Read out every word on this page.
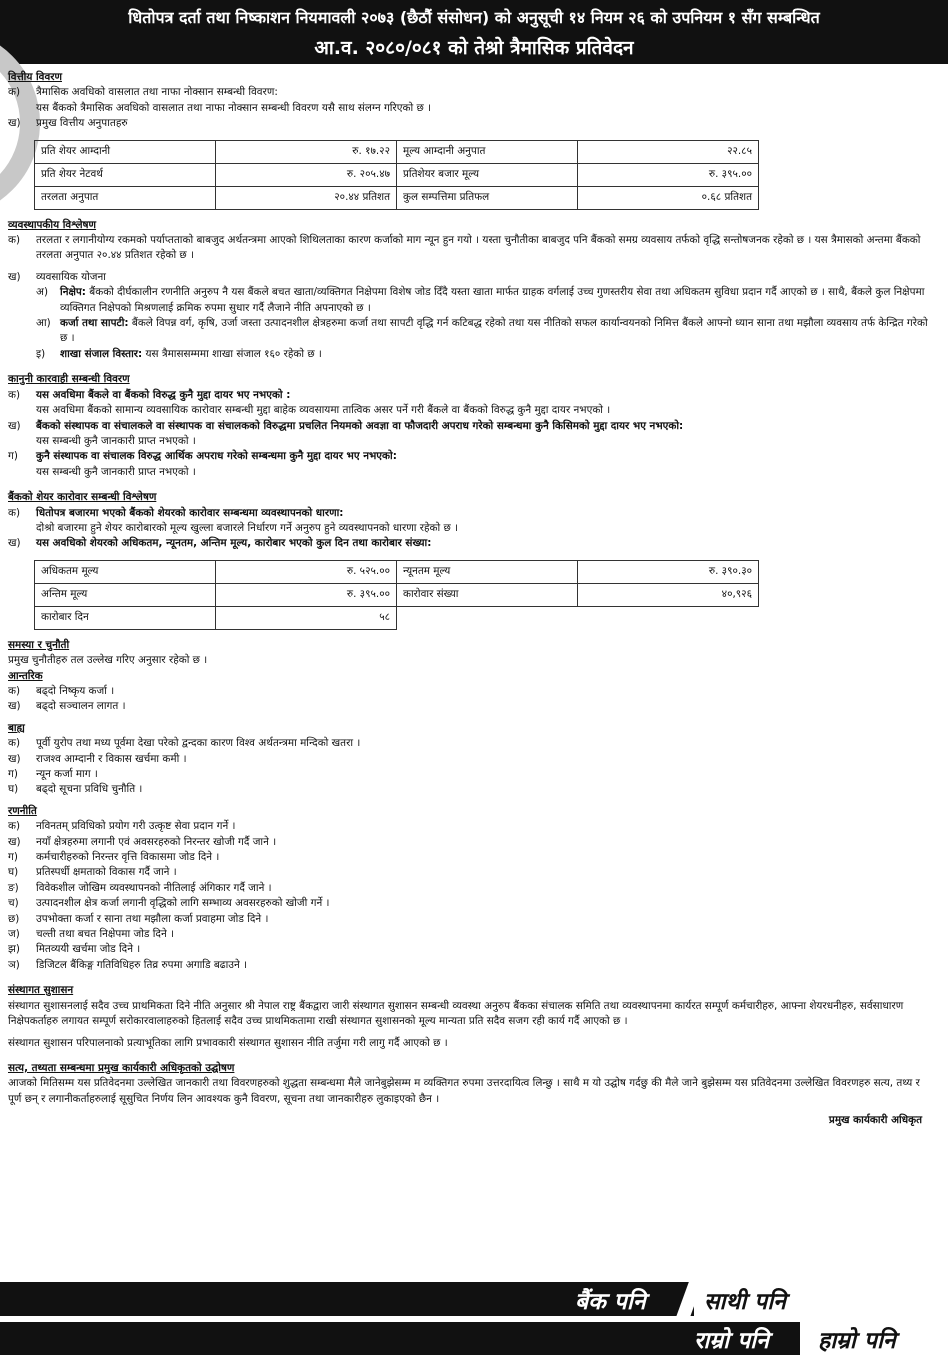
धितोपत्र दर्ता तथा निष्काशन नियमावली २०७३ (छैठौं संसोधन) को अनुसूची १४ नियम २६ को उपनियम १ सँग सम्बन्धित
आ.व. २०८०/०८१ को तेश्रो त्रैमासिक प्रतिवेदन
वित्तीय विवरण
क)	त्रैमासिक अवधिको वासलात तथा नाफा नोक्सान सम्बन्धी विवरण:
यस बैंकको त्रैमासिक अवधिको वासलात तथा नाफा नोक्सान सम्बन्धी विवरण यसै साथ संलग्न गरिएको छ ।
ख)	प्रमुख वित्तीय अनुपातहरु
प्रति शेयर आम्दानी	रु. १७.२२	मूल्य आम्दानी अनुपात	२२.८५
प्रति शेयर नेटवर्थ	रु. २०५.४७	प्रतिशेयर बजार मूल्य	रु. ३९५.००
तरलता अनुपात	२०.४४ प्रतिशत	कुल सम्पत्तिमा प्रतिफल	०.६८ प्रतिशत
व्यवस्थापकीय विश्लेषण
क)	तरलता र लगानीयोग्य रकमको पर्याप्तताको बाबजुद अर्थतन्त्रमा आएको शिथिलताका कारण कर्जाको माग न्यून हुन गयो । यस्ता चुनौतीका बाबजुद पनि बैंकको समग्र व्यवसाय तर्फको वृद्धि सन्तोषजनक रहेको छ । यस त्रैमासको अन्तमा बैंकको तरलता अनुपात २०.४४ प्रतिशत रहेको छ ।
ख)	व्यवसायिक योजना
अ)	निक्षेप: बैंकको दीर्घकालीन रणनीति अनुरुप नै यस बैंकले बचत खाता/व्यक्तिगत निक्षेपमा विशेष जोड दिँदै यस्ता खाता मार्फत ग्राहक वर्गलाई उच्च गुणस्तरीय सेवा तथा अधिकतम सुविधा प्रदान गर्दै आएको छ । साथै, बैंकले कुल निक्षेपमा व्यक्तिगत निक्षेपको मिश्रणलाई क्रमिक रुपमा सुधार गर्दै लैजाने नीति अपनाएको छ ।
आ) कर्जा तथा सापटी: बैंकले विपन्न वर्ग, कृषि, उर्जा जस्ता उत्पादनशील क्षेत्रहरुमा कर्जा तथा सापटी वृद्धि गर्न कटिबद्ध रहेको तथा यस नीतिको सफल कार्यान्वयनको निमित्त बैंकले आफ्नो ध्यान साना तथा मझौला व्यवसाय तर्फ केन्द्रित गरेको छ ।
इ)	शाखा संजाल विस्तार: यस त्रैमाससम्ममा शाखा संजाल १६० रहेको छ ।
कानुनी कारवाही सम्बन्धी विवरण
क)	यस अवधिमा बैंकले वा बैंकको विरुद्ध कुनै मुद्दा दायर भए नभएको :
यस अवधिमा बैंकको सामान्य व्यवसायिक कारोवार सम्बन्धी मुद्दा बाहेक व्यवसायमा तात्विक असर पर्ने गरी बैंकले वा बैंकको विरुद्ध कुनै मुद्दा दायर नभएको ।
ख)	बैंकको संस्थापक वा संचालकले वा संस्थापक वा संचालकको विरुद्धमा प्रचलित नियमको अवज्ञा वा फौजदारी अपराध गरेको सम्बन्धमा कुनै किसिमको मुद्दा दायर भए नभएको:
यस सम्बन्धी कुनै जानकारी प्राप्त नभएको ।
ग)	कुनै संस्थापक वा संचालक विरुद्ध आर्थिक अपराध गरेको सम्बन्धमा कुनै मुद्दा दायर भए नभएको:
यस सम्बन्धी कुनै जानकारी प्राप्त नभएको ।
बैंकको शेयर कारोवार सम्बन्धी विश्लेषण
क)	धितोपत्र बजारमा भएको बैंकको शेयरको कारोवार सम्बन्धमा व्यवस्थापनको धारणा:
दोश्रो बजारमा हुने शेयर कारोबारको मूल्य खुल्ला बजारले निर्धारण गर्ने अनुरुप हुने व्यवस्थापनको धारणा रहेको छ ।
ख)	यस अवधिको शेयरको अधिकतम, न्यूनतम, अन्तिम मूल्य, कारोबार भएको कुल दिन तथा कारोबार संख्या:
अधिकतम मूल्य	रु. ५२५.००	न्यूनतम मूल्य	रु. ३९०.३०
अन्तिम मूल्य	रु. ३९५.००	कारोवार संख्या	४०,९२६
कारोबार दिन	५८		
समस्या र चुनौती
प्रमुख चुनौतीहरु तल उल्लेख गरिए अनुसार रहेको छ ।
आन्तरिक
क)	बढ्दो निष्कृय कर्जा ।
ख)	बढ्दो सञ्चालन लागत ।
बाह्य
क)	पूर्वी युरोप तथा मध्य पूर्वमा देखा परेको द्वन्दका कारण विश्व अर्थतन्त्रमा मन्दिको खतरा ।
ख)	राजश्व आम्दानी र विकास खर्चमा कमी ।
ग)	न्यून कर्जा माग ।
घ)	बढ्दो सूचना प्रविधि चुनौति ।
रणनीति
क)	नविनतम् प्रविधिको प्रयोग गरी उत्कृष्ट सेवा प्रदान गर्ने ।
ख)	नयाँ क्षेत्रहरुमा लगानी एवं अवसरहरुको निरन्तर खोजी गर्दै जाने ।
ग)	कर्मचारीहरुको निरन्तर वृत्ति विकासमा जोड दिने ।
घ)	प्रतिस्पर्धी क्षमताको विकास गर्दै जाने ।
ङ)	विवेकशील जोखिम व्यवस्थापनको नीतिलाई अंगिकार गर्दै जाने ।
च)	उत्पादनशील क्षेत्र कर्जा लगानी वृद्धिको लागि सम्भाव्य अवसरहरुको खोजी गर्ने ।
छ)	उपभोक्ता कर्जा र साना तथा मझौला कर्जा प्रवाहमा जोड दिने ।
ज)	चल्ती तथा बचत निक्षेपमा जोड दिने ।
झ)	मितव्ययी खर्चमा जोड दिने ।
ञ)	डिजिटल बैंकिङ्ग गतिविधिहरु तिव्र रुपमा अगाडि बढाउने ।
संस्थागत सुशासन
संस्थागत सुशासनलाई सदैव उच्च प्राथमिकता दिने नीति अनुसार श्री नेपाल राष्ट्र बैंकद्वारा जारी संस्थागत सुशासन सम्बन्धी व्यवस्था अनुरुप बैंकका संचालक समिति तथा व्यवस्थापनमा कार्यरत सम्पूर्ण कर्मचारीहरु, आफ्ना शेयरधनीहरु, सर्वसाधारण निक्षेपकर्ताहरु लगायत सम्पूर्ण सरोकारवालाहरुको हितलाई सदैव उच्च प्राथमिकतामा राखी संस्थागत सुशासनको मूल्य मान्यता प्रति सदैव सजग रही कार्य गर्दै आएको छ ।
संस्थागत सुशासन परिपालनाको प्रत्याभूतिका लागि प्रभावकारी संस्थागत सुशासन नीति तर्जुमा गरी लागु गर्दै आएको छ ।
सत्य, तथ्यता सम्बन्धमा प्रमुख कार्यकारी अधिकृतको उद्घोषण
आजको मितिसम्म यस प्रतिवेदनमा उल्लेखित जानकारी तथा विवरणहरुको शुद्धता सम्बन्धमा मैले जानेबुझेसम्म म व्यक्तिगत रुपमा उत्तरदायित्व लिन्छु । साथै म यो उद्घोष गर्दछु की मैले जाने बुझेसम्म यस प्रतिवेदनमा उल्लेखित विवरणहरु सत्य, तथ्य र पूर्ण छन् र लगानीकर्ताहरुलाई सूसुचित निर्णय लिन आवश्यक कुनै विवरण, सूचना तथा जानकारीहरु लुकाइएको छैन ।
प्रमुख कार्यकारी अधिकृत
बैंक पनि	साथी पनि
राम्रो पनि हाम्रो पनि
